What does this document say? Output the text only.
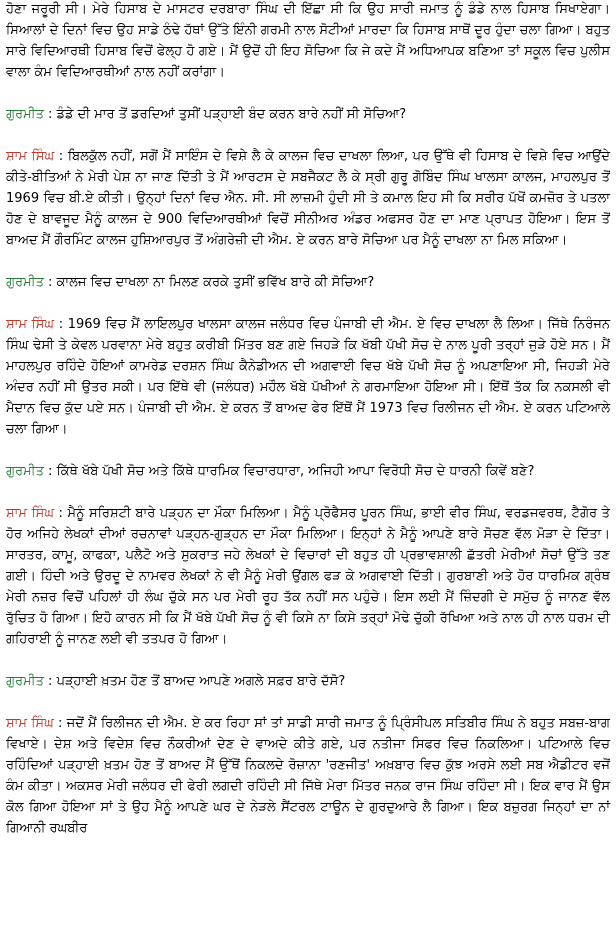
ਹੋਣਾ ਜਰੂਰੀ ਸੀ। ਮੇਰੇ ਹਿਸਾਬ ਦੇ ਮਾਸਟਰ ਦਰਬਾਰਾ ਸਿੰਘ ਦੀ ਇੱਛਾ ਸੀ ਕਿ ਉਹ ਸਾਰੀ ਜਮਾਤ ਨੂੰ ਡੰਡੇ ਨਾਲ ਹਿਸਾਬ ਸਿਖਾਏਗਾ। ਸਿਆਲਾਂ ਦੇ ਦਿਨਾਂ ਵਿਚ ਉਹ ਸਾਡੇ ਠੰਢੇ ਹੱਥਾਂ ਉੱਤੇ ਇੰਨੀ ਗਰਮੀ ਨਾਲ ਸੋਟੀਆਂ ਮਾਰਦਾ ਕਿ ਹਿਸਾਬ ਸਾਥੋਂ ਦੂਰ ਹੁੰਦਾ ਚਲਾ ਗਿਆ। ਬਹੁਤ ਸਾਰੇ ਵਿਦਿਆਰਥੀ ਹਿਸਾਬ ਵਿਚੋਂ ਫੇਲ੍ਹ ਹੋ ਗਏ। ਮੈਂ ਉਦੋਂ ਹੀ ਇਹ ਸੋਚਿਆ ਕਿ ਜੇ ਕਦੇ ਮੈਂ ਅਧਿਆਪਕ ਬਣਿਆ ਤਾਂ ਸਕੂਲ ਵਿਚ ਪੁਲੀਸ ਵਾਲਾ ਕੰਮ ਵਿਦਿਆਰਥੀਆਂ ਨਾਲ ਨਹੀਂ ਕਰਾਂਗਾ।

ਗੁਰਮੀਤ : ਡੰਡੇ ਦੀ ਮਾਰ ਤੋਂ ਡਰਦਿਆਂ ਤੁਸੀਂ ਪੜ੍ਹਾਈ ਬੰਦ ਕਰਨ ਬਾਰੇ ਨਹੀਂ ਸੀ ਸੋਚਿਆ?

ਸ਼ਾਮ ਸਿੰਘ : ਬਿਲਕੁੱਲ ਨਹੀਂ, ਸਗੋਂ ਮੈਂ ਸਾਇੰਸ ਦੇ ਵਿਸ਼ੇ ਲੈ ਕੇ ਕਾਲਜ ਵਿਚ ਦਾਖਲਾ ਲਿਆ, ਪਰ ਉੱਥੇ ਵੀ ਹਿਸਾਬ ਦੇ ਵਿਸ਼ੇ ਵਿਚ ਆਉਂਦੇ ਕੀਤੇ-ਬੀਤਿਆਂ ਨੇ ਮੇਰੀ ਪੇਸ਼ ਨਾ ਜਾਣ ਦਿੱਤੀ ਤੇ ਮੈਂ ਆਰਟਸ ਦੇ ਸਬਜੈਕਟ ਲੈ ਕੇ ਸ੍ਰੀ ਗੁਰੂ ਗੋਬਿੰਦ ਸਿੰਘ ਖਾਲਸਾ ਕਾਲਜ, ਮਾਹਲਪੁਰ ਤੋਂ 1969 ਵਿਚ ਬੀ.ਏ ਕੀਤੀ। ਉਨ੍ਹਾਂ ਦਿਨਾਂ ਵਿਚ ਐਨ. ਸੀ. ਸੀ ਲਾਜ਼ਮੀ ਹੁੰਦੀ ਸੀ ਤੇ ਕਮਾਲ ਇਹ ਸੀ ਕਿ ਸਰੀਰ ਪੱਖੋਂ ਕਮਜ਼ੋਰ ਤੇ ਪਤਲਾ ਹੋਣ ਦੇ ਬਾਵਜੂਦ ਮੈਨੂੰ ਕਾਲਜ ਦੇ 900 ਵਿਦਿਆਰਥੀਆਂ ਵਿਚੋਂ ਸੀਨੀਅਰ ਅੰਡਰ ਅਫਸਰ ਹੋਣ ਦਾ ਮਾਣ ਪ੍ਰਾਪਤ ਹੋਇਆ। ਇਸ ਤੋਂ ਬਾਅਦ ਮੈਂ ਗੌਰਮਿੰਟ ਕਾਲਜ ਹੁਸ਼ਿਆਰਪੁਰ ਤੋਂ ਅੰਗਰੇਜ਼ੀ ਦੀ ਐਮ. ਏ ਕਰਨ ਬਾਰੇ ਸੋਚਿਆ ਪਰ ਮੈਨੂੰ ਦਾਖਲਾ ਨਾ ਮਿਲ ਸਕਿਆ।

ਗੁਰਮੀਤ : ਕਾਲਜ ਵਿਚ ਦਾਖਲਾ ਨਾ ਮਿਲਣ ਕਰਕੇ ਤੁਸੀਂ ਭਵਿੱਖ ਬਾਰੇ ਕੀ ਸੋਚਿਆ?

ਸ਼ਾਮ ਸਿੰਘ : 1969 ਵਿਚ ਮੈਂ ਲਾਇਲਪੁਰ ਖਾਲਸਾ ਕਾਲਜ ਜਲੰਧਰ ਵਿਚ ਪੰਜਾਬੀ ਦੀ ਐਮ. ਏ ਵਿਚ ਦਾਖਲਾ ਲੈ ਲਿਆ। ਜਿੱਥੇ ਨਿਰੰਜਨ ਸਿੰਘ ਢੇਸੀ ਤੇ ਕੇਵਲ ਪਰਵਾਨਾ ਮੇਰੇ ਬਹੁਤ ਕਰੀਬੀ ਮਿੱਤਰ ਬਣ ਗਏ ਜਿਹੜੇ ਕਿ ਖੱਬੀ ਪੱਖੀ ਸੋਚ ਦੇ ਨਾਲ ਪੂਰੀ ਤਰ੍ਹਾਂ ਜੁੜੇ ਹੋਏ ਸਨ। ਮੈਂ ਮਾਹਲਪੁਰ ਰਹਿੰਦੇ ਹੋਇਆਂ ਕਾਮਰੇਡ ਦਰਸ਼ਨ ਸਿੰਘ ਕੈਨੇਡੀਅਨ ਦੀ ਅਗਵਾਈ ਵਿਚ ਖੱਬੇ ਪੱਖੀ ਸੋਚ ਨੂੰ ਅਪਣਾਇਆ ਸੀ, ਜਿਹੜੀ ਮੇਰੇ ਅੰਦਰ ਨਹੀਂ ਸੀ ਉਤਰ ਸਕੀ। ਪਰ ਇੱਥੇ ਵੀ (ਜਲੰਧਰ) ਮਹੌਲ ਖੱਬੇ ਪੱਖੀਆਂ ਨੇ ਗਰਮਾਇਆ ਹੋਇਆ ਸੀ। ਇੱਥੋਂ ਤੱਕ ਕਿ ਨਕਸਲੀ ਵੀ ਮੈਦਾਨ ਵਿਚ ਕੁੱਦ ਪਏ ਸਨ। ਪੰਜਾਬੀ ਦੀ ਐਮ. ਏ ਕਰਨ ਤੋਂ ਬਾਅਦ ਫੇਰ ਇੱਥੋਂ ਮੈਂ 1973 ਵਿਚ ਰਿਲੀਜਨ ਦੀ ਐਮ. ਏ ਕਰਨ ਪਟਿਆਲੇ ਚਲਾ ਗਿਆ।

ਗੁਰਮੀਤ : ਕਿੱਥੇ ਖੱਬੇ ਪੱਖੀ ਸੋਚ ਅਤੇ ਕਿੱਥੇ ਧਾਰਮਿਕ ਵਿਚਾਰਧਾਰਾ, ਅਜਿਹੀ ਆਪਾ ਵਿਰੋਧੀ ਸੋਚ ਦੇ ਧਾਰਨੀ ਕਿਵੇਂ ਬਣੇ?

ਸ਼ਾਮ ਸਿੰਘ : ਮੈਨੂੰ ਸਰਿਸ਼ਟੀ ਬਾਰੇ ਪੜ੍ਹਨ ਦਾ ਮੌਕਾ ਮਿਲਿਆ। ਮੈਨੂੰ ਪ੍ਰੋਫੈਸਰ ਪੂਰਨ ਸਿੰਘ, ਭਾਈ ਵੀਰ ਸਿੰਘ, ਵਰਡਜਵਰਥ, ਟੈਗੋਰ ਤੇ ਹੋਰ ਅਜਿਹੇ ਲੇਖਕਾਂ ਦੀਆਂ ਰਚਨਾਵਾਂ ਪੜ੍ਹਨ-ਗੁੜ੍ਹਨ ਦਾ ਮੌਕਾ ਮਿਲਿਆ। ਇਨ੍ਹਾਂ ਨੇ ਮੈਨੂੰ ਆਪਣੇ ਬਾਰੇ ਸੋਚਣ ਵੱਲ ਮੋੜਾ ਦੇ ਦਿੱਤਾ। ਸਾਰਤਰ, ਕਾਮੂ, ਕਾਫਕਾ, ਪਲੈਟੋ ਅਤੇ ਸੁਕਰਾਤ ਜਹੇ ਲੇਖਕਾਂ ਦੇ ਵਿਚਾਰਾਂ ਦੀ ਬਹੁਤ ਹੀ ਪ੍ਰਭਾਵਸ਼ਾਲੀ ਛੱਤਰੀ ਮੇਰੀਆਂ ਸੋਚਾਂ ਉੱਤੇ ਤਣ ਗਈ। ਹਿੰਦੀ ਅਤੇ ਉਰਦੂ ਦੇ ਨਾਮਵਰ ਲੇਖਕਾਂ ਨੇ ਵੀ ਮੈਨੂੰ ਮੇਰੀ ਉਂਗਲ ਫੜ ਕੇ ਅਗਵਾਈ ਦਿੱਤੀ। ਗੁਰਬਾਣੀ ਅਤੇ ਹੋਰ ਧਾਰਮਿਕ ਗ੍ਰੰਥ ਮੇਰੀ ਨਜ਼ਰ ਵਿਚੋਂ ਪਹਿਲਾਂ ਹੀ ਲੰਘ ਚੁੱਕੇ ਸਨ ਪਰ ਮੇਰੀ ਰੂਹ ਤੱਕ ਨਹੀਂ ਸਨ ਪਹੁੰਚੇ। ਇਸ ਲਈ ਮੈਂ ਜ਼ਿੰਦਗੀ ਦੇ ਸਮੁੱਚ ਨੂੰ ਜਾਨਣ ਵੱਲ ਰੁੱਚਿਤ ਹੋ ਗਿਆ। ਇਹੋ ਕਾਰਨ ਸੀ ਕਿ ਮੈਂ ਖੱਬੇ ਪੱਖੀ ਸੋਚ ਨੂੰ ਵੀ ਕਿਸੇ ਨਾ ਕਿਸੇ ਤਰ੍ਹਾਂ ਮੋਢੇ ਚੁੱਕੀ ਰੱਖਿਆ ਅਤੇ ਨਾਲ ਹੀ ਨਾਲ ਧਰਮ ਦੀ ਗਹਿਰਾਈ ਨੂੰ ਜਾਨਣ ਲਈ ਵੀ ਤਤਪਰ ਹੋ ਗਿਆ।

ਗੁਰਮੀਤ : ਪੜ੍ਹਾਈ ਖ਼ਤਮ ਹੋਣ ਤੋਂ ਬਾਅਦ ਆਪਣੇ ਅਗਲੇ ਸਫ਼ਰ ਬਾਰੇ ਦੱਸੋ?

ਸ਼ਾਮ ਸਿੰਘ : ਜਦੋਂ ਮੈਂ ਰਿਲੀਜਨ ਦੀ ਐਮ. ਏ ਕਰ ਰਿਹਾ ਸਾਂ ਤਾਂ ਸਾਡੀ ਸਾਰੀ ਜਮਾਤ ਨੂੰ ਪ੍ਰਿੰਸੀਪਲ ਸਤਿਬੀਰ ਸਿੰਘ ਨੇ ਬਹੁਤ ਸਬਜ਼-ਬਾਗ ਵਿਖਾਏ। ਦੇਸ਼ ਅਤੇ ਵਿਦੇਸ਼ ਵਿਚ ਨੌਕਰੀਆਂ ਦੇਣ ਦੇ ਵਾਅਦੇ ਕੀਤੇ ਗਏ, ਪਰ ਨਤੀਜਾ ਸਿਫਰ ਵਿਚ ਨਿਕਲਿਆ। ਪਟਿਆਲੇ ਵਿਚ ਰਹਿੰਦਿਆਂ ਪੜ੍ਹਾਈ ਖ਼ਤਮ ਹੋਣ ਤੋਂ ਬਾਅਦ ਮੈਂ ਉੱਥੋਂ ਨਿਕਲਦੇ ਰੋਜ਼ਾਨਾ 'ਰਣਜੀਤ' ਅਖ਼ਬਾਰ ਵਿਚ ਕੁੱਝ ਅਰਸੇ ਲਈ ਸਬ ਐਡੀਟਰ ਵਜੋਂ ਕੰਮ ਕੀਤਾ। ਅਕਸਰ ਮੇਰੀ ਜਲੰਧਰ ਦੀ ਫੇਰੀ ਲਗਦੀ ਰਹਿੰਦੀ ਸੀ ਜਿੱਥੇ ਮੇਰਾ ਮਿੱਤਰ ਜਨਕ ਰਾਜ ਸਿੰਘ ਰਹਿੰਦਾ ਸੀ। ਇਕ ਵਾਰ ਮੈਂ ਉਸ ਕੋਲ ਗਿਆ ਹੋਇਆ ਸਾਂ ਤੇ ਉਹ ਮੈਨੂੰ ਆਪਣੇ ਘਰ ਦੇ ਨੇੜਲੇ ਸੈਂਟਰਲ ਟਾਊਨ ਦੇ ਗੁਰਦੁਆਰੇ ਲੈ ਗਿਆ। ਇਕ ਬਜ਼ੁਰਗ ਜਿਨ੍ਹਾਂ ਦਾ ਨਾਂ ਗਿਆਨੀ ਰਘਬੀਰ
